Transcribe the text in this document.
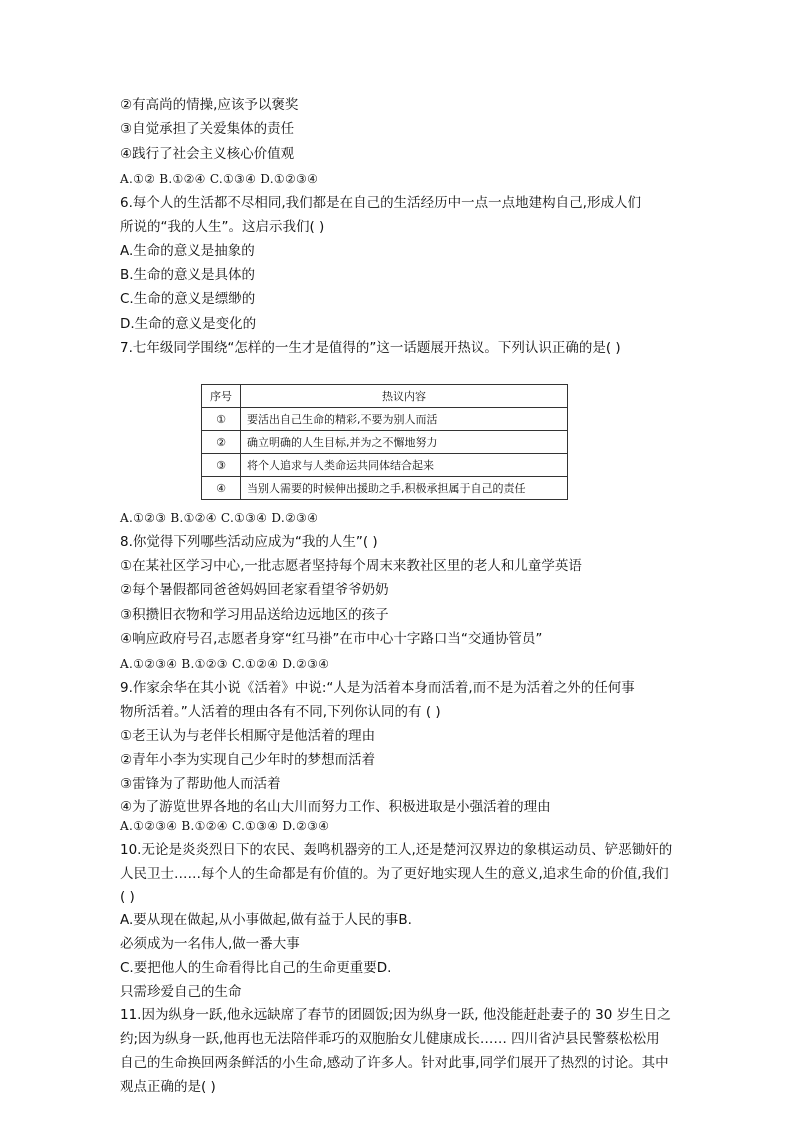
②有高尚的情操,应该予以褒奖
③自觉承担了关爱集体的责任
④践行了社会主义核心价值观
A.①② B.①②④ C.①③④ D.①②③④
6.每个人的生活都不尽相同,我们都是在自己的生活经历中一点一点地建构自己,形成人们
所说的“我的人生”。这启示我们( )
A.生命的意义是抽象的
B.生命的意义是具体的
C.生命的意义是缥缈的
D.生命的意义是变化的
7.七年级同学围绕“怎样的一生才是值得的”这一话题展开热议。下列认识正确的是( )
序号	热议内容
①	要活出自己生命的精彩,不要为别人而活
②	确立明确的人生目标,并为之不懈地努力
③	将个人追求与人类命运共同体结合起来
④	当别人需要的时候伸出援助之手,积极承担属于自己的责任
A.①②③ B.①②④ C.①③④ D.②③④
8.你觉得下列哪些活动应成为“我的人生”( )
①在某社区学习中心,一批志愿者坚持每个周末来教社区里的老人和儿童学英语
②每个暑假都同爸爸妈妈回老家看望爷爷奶奶
③积攒旧衣物和学习用品送给边远地区的孩子
④响应政府号召,志愿者身穿“红马褂”在市中心十字路口当“交通协管员”
A.①②③④ B.①②③ C.①②④ D.②③④
9.作家余华在其小说《活着》中说:“人是为活着本身而活着,而不是为活着之外的任何事
物所活着。”人活着的理由各有不同,下列你认同的有 ( )
①老王认为与老伴长相厮守是他活着的理由
②青年小李为实现自己少年时的梦想而活着
③雷锋为了帮助他人而活着
④为了游览世界各地的名山大川而努力工作、积极进取是小强活着的理由
A.①②③④ B.①②④ C.①③④ D.②③④
10.无论是炎炎烈日下的农民、轰鸣机器旁的工人,还是楚河汉界边的象棋运动员、铲恶锄奸的
人民卫士……每个人的生命都是有价值的。为了更好地实现人生的意义,追求生命的价值,我们
( )
A.要从现在做起,从小事做起,做有益于人民的事B.
必须成为一名伟人,做一番大事
C.要把他人的生命看得比自己的生命更重要D.
只需珍爱自己的生命
11.因为纵身一跃,他永远缺席了春节的团圆饭;因为纵身一跃, 他没能赶赴妻子的 30 岁生日之
约;因为纵身一跃,他再也无法陪伴乖巧的双胞胎女儿健康成长…… 四川省泸县民警蔡松松用
自己的生命换回两条鲜活的小生命,感动了许多人。针对此事,同学们展开了热烈的讨论。其中
观点正确的是( )
